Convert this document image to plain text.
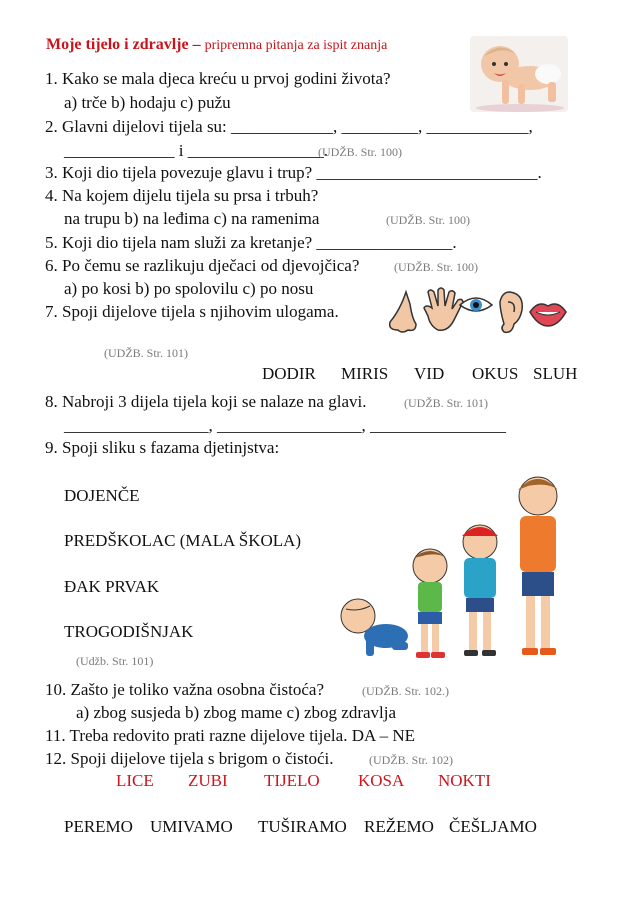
Moje tijelo i zdravlje – pripremna pitanja za ispit znanja
1. Kako se mala djeca kreću u prvoj godini života?
a) trče b) hodaju c) pužu
2. Glavni dijelovi tijela su: ____________, _________, ____________,
_____________ i ________________.
(UDŽB. Str. 100)
3. Koji dio tijela povezuje glavu i trup? __________________________.
4. Na kojem dijelu tijela su prsa i trbuh?
na trupu b) na leđima c) na ramenima	(UDŽB. Str. 100)
5. Koji dio tijela nam služi za kretanje? ________________.
6. Po čemu se razlikuju dječaci od djevojčica?	(UDŽB. Str. 100)
a) po kosi b) po spolovilu c) po nosu
7. Spoji dijelove tijela s njihovim ulogama.
(UDŽB. Str. 101)
DODIR MIRIS VID OKUS SLUH
8. Nabroji 3 dijela tijela koji se nalaze na glavi.	(UDŽB. Str. 101)
_________________, _________________, ________________
9. Spoji sliku s fazama djetinjstva:
DOJENČE
PREDŠKOLAC (MALA ŠKOLA)
ĐAK PRVAK
TROGODIŠNJAK
(Udžb. Str. 101)
10. Zašto je toliko važna osobna čistoća?	(UDŽB. Str. 102.)
a) zbog susjeda b) zbog mame c) zbog zdravlja
11. Treba redovito prati razne dijelove tijela. DA – NE
12. Spoji dijelove tijela s brigom o čistoći.	(UDŽB. Str. 102)
LICE ZUBI TIJELO KOSA NOKTI
PEREMO UMIVAMO TUŠIRAMO REŽEMO ČEŠLJAMO
